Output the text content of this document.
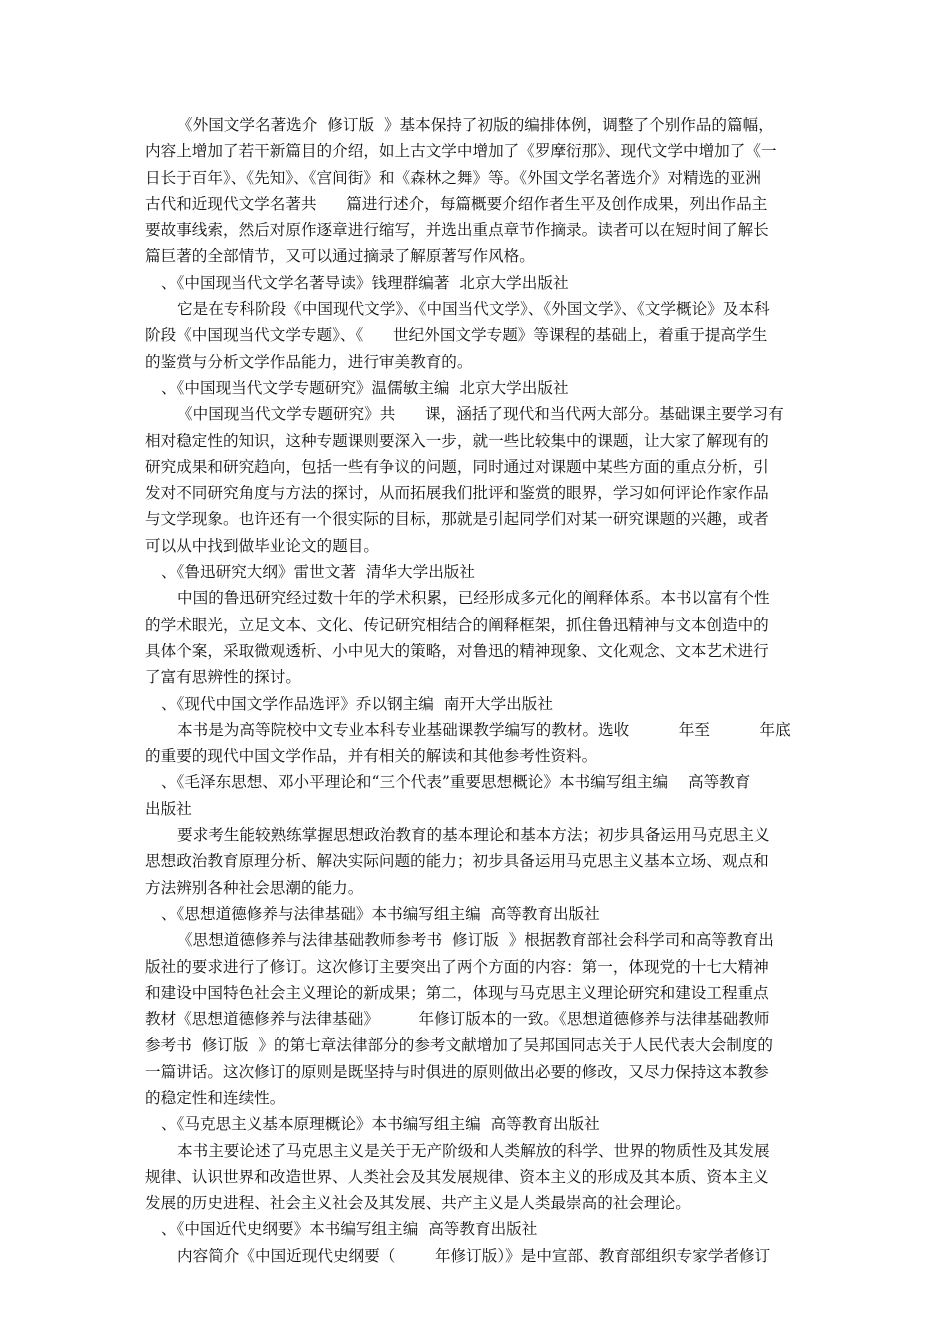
《外国文学名著选介  修订版  》基本保持了初版的编排体例，调整了个别作品的篇幅，
内容上增加了若干新篇目的介绍，如上古文学中增加了《罗摩衍那》、现代文学中增加了《一
日长于百年》、《先知》、《宫间街》和《森林之舞》等。《外国文学名著选介》对精选的亚洲
古代和近现代文学名著共      篇进行述介，每篇概要介绍作者生平及创作成果，列出作品主
要故事线索，然后对原作逐章进行缩写，并选出重点章节作摘录。读者可以在短时间了解长
篇巨著的全部情节，又可以通过摘录了解原著写作风格。
、《中国现当代文学名著导读》钱理群编著  北京大学出版社
它是在专科阶段《中国现代文学》、《中国当代文学》、《外国文学》、《文学概论》及本科
阶段《中国现当代文学专题》、《      世纪外国文学专题》等课程的基础上，着重于提高学生
的鉴赏与分析文学作品能力，进行审美教育的。
、《中国现当代文学专题研究》温儒敏主编  北京大学出版社
《中国现当代文学专题研究》共      课，涵括了现代和当代两大部分。基础课主要学习有
相对稳定性的知识，这种专题课则要深入一步，就一些比较集中的课题，让大家了解现有的
研究成果和研究趋向，包括一些有争议的问题，同时通过对课题中某些方面的重点分析，引
发对不同研究角度与方法的探讨，从而拓展我们批评和鉴赏的眼界，学习如何评论作家作品
与文学现象。也许还有一个很实际的目标，那就是引起同学们对某一研究课题的兴趣，或者
可以从中找到做毕业论文的题目。
、《鲁迅研究大纲》雷世文著  清华大学出版社
中国的鲁迅研究经过数十年的学术积累，已经形成多元化的阐释体系。本书以富有个性
的学术眼光，立足文本、文化、传记研究相结合的阐释框架，抓住鲁迅精神与文本创造中的
具体个案，采取微观透析、小中见大的策略，对鲁迅的精神现象、文化观念、文本艺术进行
了富有思辨性的探讨。
、《现代中国文学作品选评》乔以钢主编  南开大学出版社
本书是为高等院校中文专业本科专业基础课教学编写的教材。选收          年至          年底
的重要的现代中国文学作品，并有相关的解读和其他参考性资料。
、《毛泽东思想、邓小平理论和“三个代表”重要思想概论》本书编写组主编    高等教育
出版社
要求考生能较熟练掌握思想政治教育的基本理论和基本方法；初步具备运用马克思主义
思想政治教育原理分析、解决实际问题的能力；初步具备运用马克思主义基本立场、观点和
方法辨别各种社会思潮的能力。
、《思想道德修养与法律基础》本书编写组主编  高等教育出版社
《思想道德修养与法律基础教师参考书  修订版  》根据教育部社会科学司和高等教育出
版社的要求进行了修订。这次修订主要突出了两个方面的内容：第一，体现党的十七大精神
和建设中国特色社会主义理论的新成果；第二，体现与马克思主义理论研究和建设工程重点
教材《思想道德修养与法律基础》        年修订版本的一致。《思想道德修养与法律基础教师
参考书  修订版  》的第七章法律部分的参考文献增加了吴邦国同志关于人民代表大会制度的
一篇讲话。这次修订的原则是既坚持与时俱进的原则做出必要的修改，又尽力保持这本教参
的稳定性和连续性。
、《马克思主义基本原理概论》本书编写组主编  高等教育出版社
本书主要论述了马克思主义是关于无产阶级和人类解放的科学、世界的物质性及其发展
规律、认识世界和改造世界、人类社会及其发展规律、资本主义的形成及其本质、资本主义
发展的历史进程、社会主义社会及其发展、共产主义是人类最崇高的社会理论。
、《中国近代史纲要》本书编写组主编  高等教育出版社
内容简介《中国近现代史纲要（        年修订版）》是中宣部、教育部组织专家学者修订
